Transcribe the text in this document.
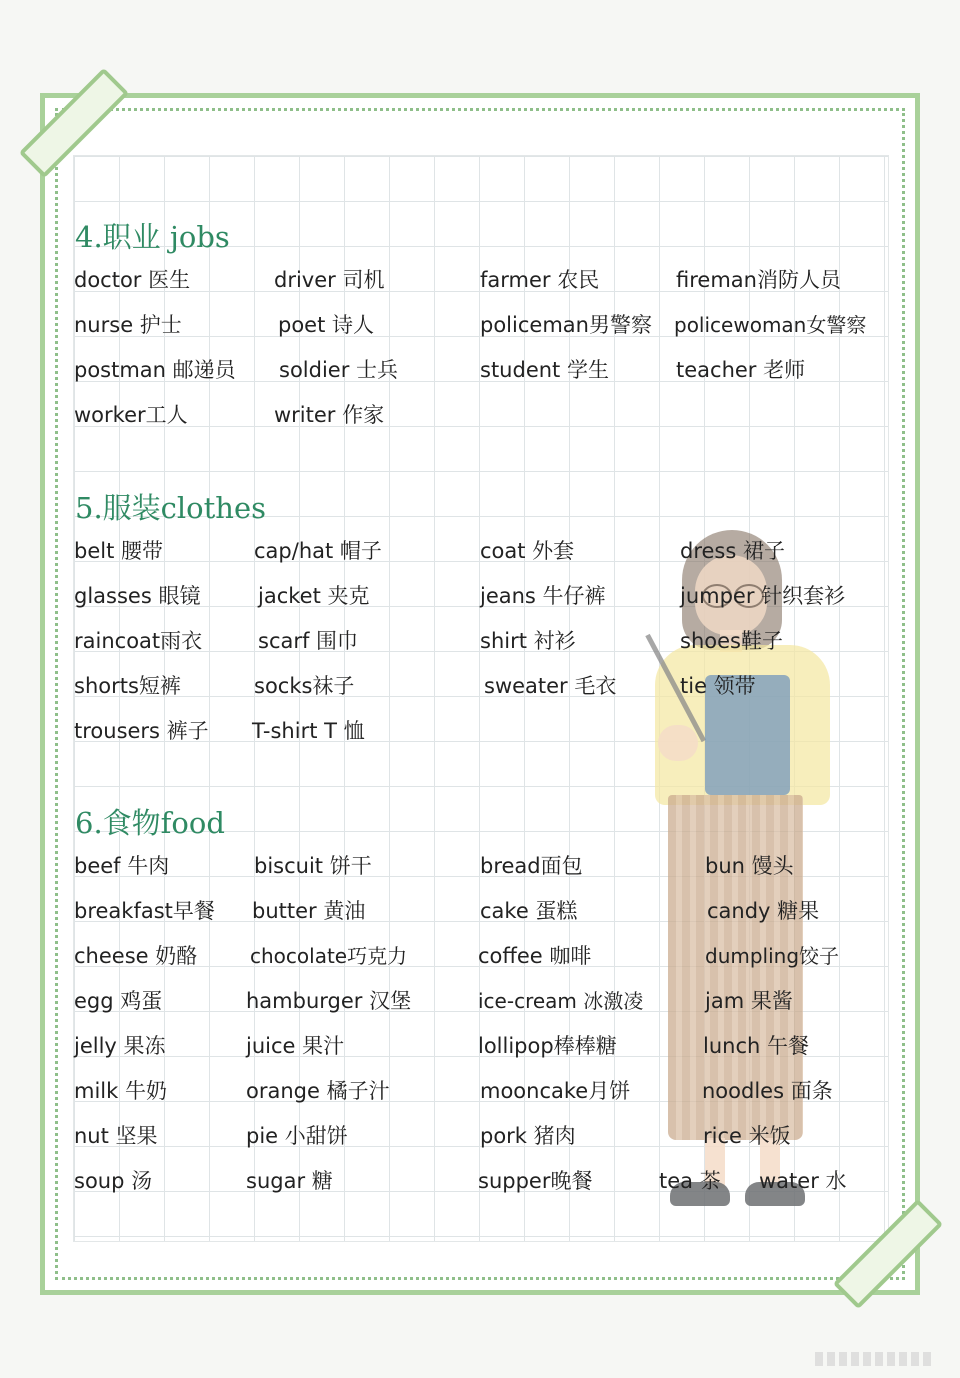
4.职业 jobs
doctor 医生	driver 司机	farmer 农民	fireman消防人员
nurse 护士	poet 诗人	policeman男警察 policewoman女警察
postman 邮递员 soldier 士兵	student 学生	teacher 老师
worker工人	writer 作家
5.服装clothes
belt 腰带	cap/hat 帽子	coat 外套	dress 裙子
glasses 眼镜	jacket 夹克	jeans 牛仔裤	jumper 针织套衫
raincoat雨衣	scarf 围巾	shirt 衬衫	shoes鞋子
shorts短裤	socks袜子	sweater 毛衣	tie 领带
trousers 裤子 T-shirt T 恤
6.食物food
beef 牛肉	biscuit 饼干	bread面包	bun 馒头
breakfast早餐 butter 黄油	cake 蛋糕	candy 糖果
cheese 奶酪	chocolate巧克力	coffee 咖啡	dumpling饺子
egg 鸡蛋	hamburger 汉堡	ice-cream 冰激凌	jam 果酱
jelly 果冻	juice 果汁	lollipop棒棒糖	lunch 午餐
milk 牛奶	orange 橘子汁	mooncake月饼	noodles 面条
nut 坚果	pie 小甜饼	pork 猪肉	rice 米饭
soup 汤	sugar 糖	supper晚餐	tea 茶 water 水
